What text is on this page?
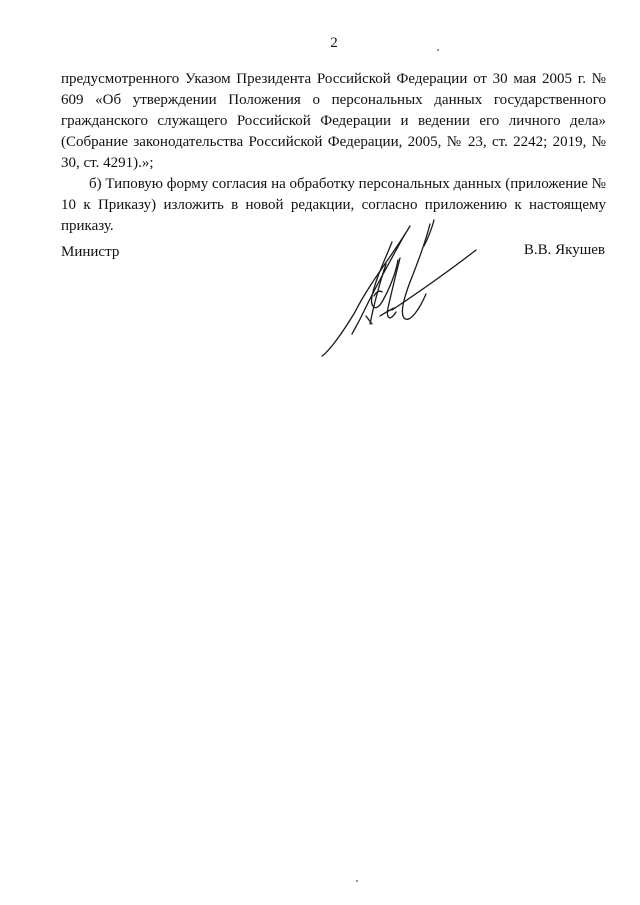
2

предусмотренного Указом Президента Российской Федерации от 30 мая 2005 г. № 609 «Об утверждении Положения о персональных данных государственного гражданского служащего Российской Федерации и ведении его личного дела» (Собрание законодательства Российской Федерации, 2005, № 23, ст. 2242; 2019, № 30, ст. 4291).»;

б) Типовую форму согласия на обработку персональных данных (приложение № 10 к Приказу) изложить в новой редакции, согласно приложению к настоящему приказу.

Министр	В.В. Якушев
